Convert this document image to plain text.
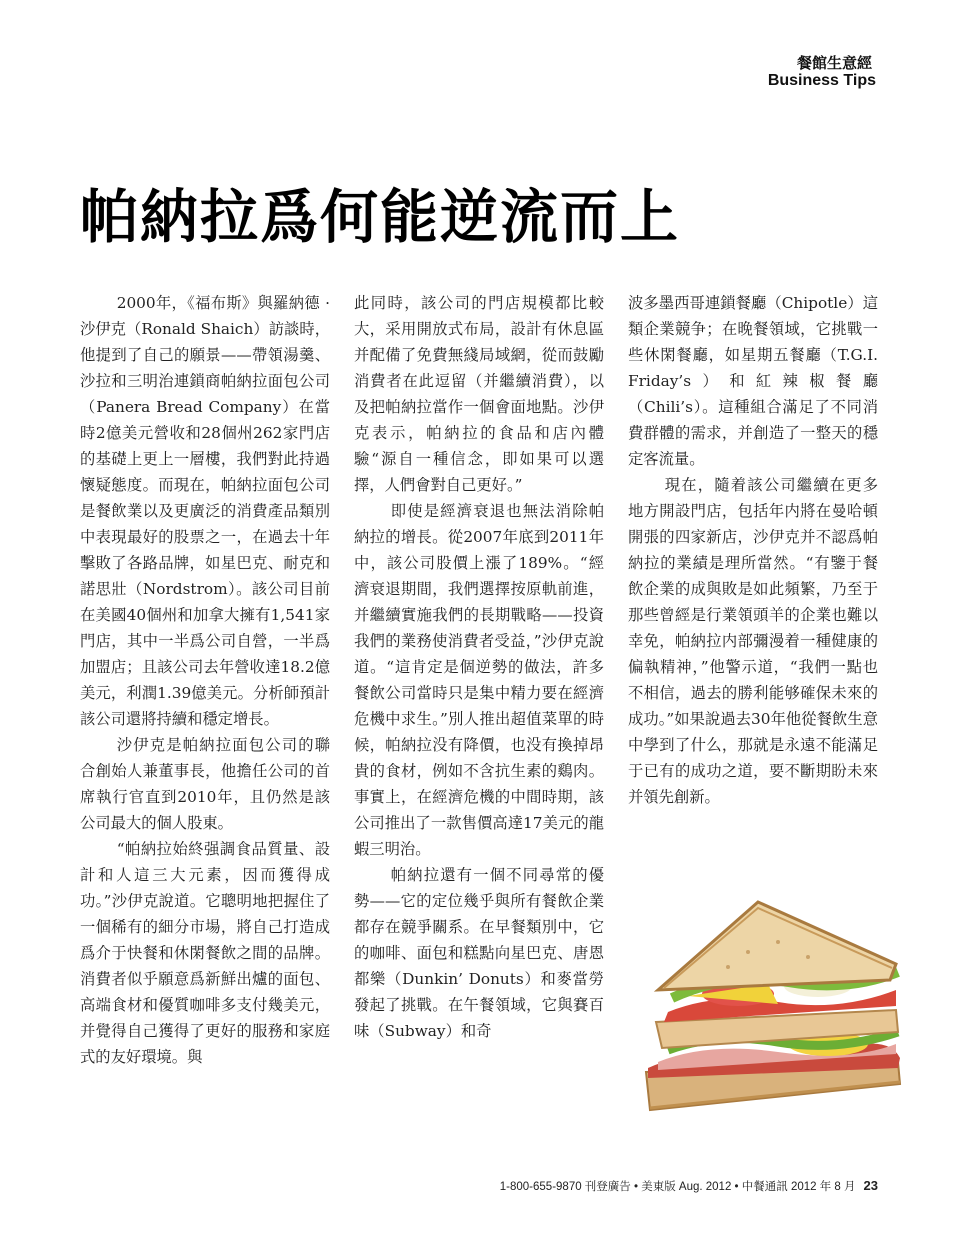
餐館生意經
Business Tips
帕納拉爲何能逆流而上

2000年，《福布斯》與羅納德 · 沙伊克（Ronald Shaich）訪談時，他提到了自己的願景——帶領湯羹、沙拉和三明治連鎖商帕納拉面包公司（Panera Bread Company）在當時2億美元營收和28個州262家門店的基礎上更上一層樓，我們對此持過懷疑態度。而現在，帕納拉面包公司是餐飲業以及更廣泛的消費產品類別中表現最好的股票之一，在過去十年擊敗了各路品牌，如星巴克、耐克和諾思壯（Nordstrom）。該公司目前在美國40個州和加拿大擁有1,541家門店，其中一半爲公司自營，一半爲加盟店；且該公司去年營收達18.2億美元，利潤1.39億美元。分析師預計該公司還將持續和穩定增長。

沙伊克是帕納拉面包公司的聯合創始人兼董事長，他擔任公司的首席執行官直到2010年，且仍然是該公司最大的個人股東。

“帕納拉始終强調食品質量、設計和人這三大元素，因而獲得成功。”沙伊克說道。它聰明地把握住了一個稀有的細分市場，將自己打造成爲介于快餐和休閑餐飲之間的品牌。消費者似乎願意爲新鮮出爐的面包、高端食材和優質咖啡多支付幾美元，并覺得自己獲得了更好的服務和家庭式的友好環境。與

此同時，該公司的門店規模都比較大，采用開放式布局，設計有休息區并配備了免費無綫局域網，從而鼓勵消費者在此逗留（并繼續消費），以及把帕納拉當作一個會面地點。沙伊克表示，帕納拉的食品和店內體驗“源自一種信念，即如果可以選擇，人們會對自己更好。”

即使是經濟衰退也無法消除帕納拉的增長。從2007年底到2011年中，該公司股價上漲了189%。“經濟衰退期間，我們選擇按原軌前進，并繼續實施我們的長期戰略——投資我們的業務使消費者受益，”沙伊克說道。“這肯定是個逆勢的做法，許多餐飲公司當時只是集中精力要在經濟危機中求生。”別人推出超值菜單的時候，帕納拉没有降價，也没有換掉昂貴的食材，例如不含抗生素的鷄肉。事實上，在經濟危機的中間時期，該公司推出了一款售價高達17美元的龍蝦三明治。

帕納拉還有一個不同尋常的優勢——它的定位幾乎與所有餐飲企業都存在競爭關系。在早餐類別中，它的咖啡、面包和糕點向星巴克、唐恩都樂（Dunkin’ Donuts）和麥當勞發起了挑戰。在午餐領域，它與賽百味（Subway）和奇

波多墨西哥連鎖餐廳（Chipotle）這類企業競争；在晚餐領域，它挑戰一些休閑餐廳，如星期五餐廳（T.G.I. Friday’s）和紅辣椒餐廳（Chili’s）。這種組合滿足了不同消費群體的需求，并創造了一整天的穩定客流量。

現在，隨着該公司繼續在更多地方開設門店，包括年内將在曼哈頓開張的四家新店，沙伊克并不認爲帕納拉的業績是理所當然。“有鑒于餐飲企業的成與敗是如此頻繁，乃至于那些曾經是行業領頭羊的企業也難以幸免，帕納拉内部彌漫着一種健康的偏執精神，”他警示道，“我們一點也不相信，過去的勝利能够確保未來的成功。”如果說過去30年他從餐飲生意中學到了什么，那就是永遠不能滿足于已有的成功之道，要不斷期盼未來并領先創新。

1-800-655-9870 刊登廣告 • 美東版 Aug. 2012 • 中餐通訊 2012 年 8 月 23
